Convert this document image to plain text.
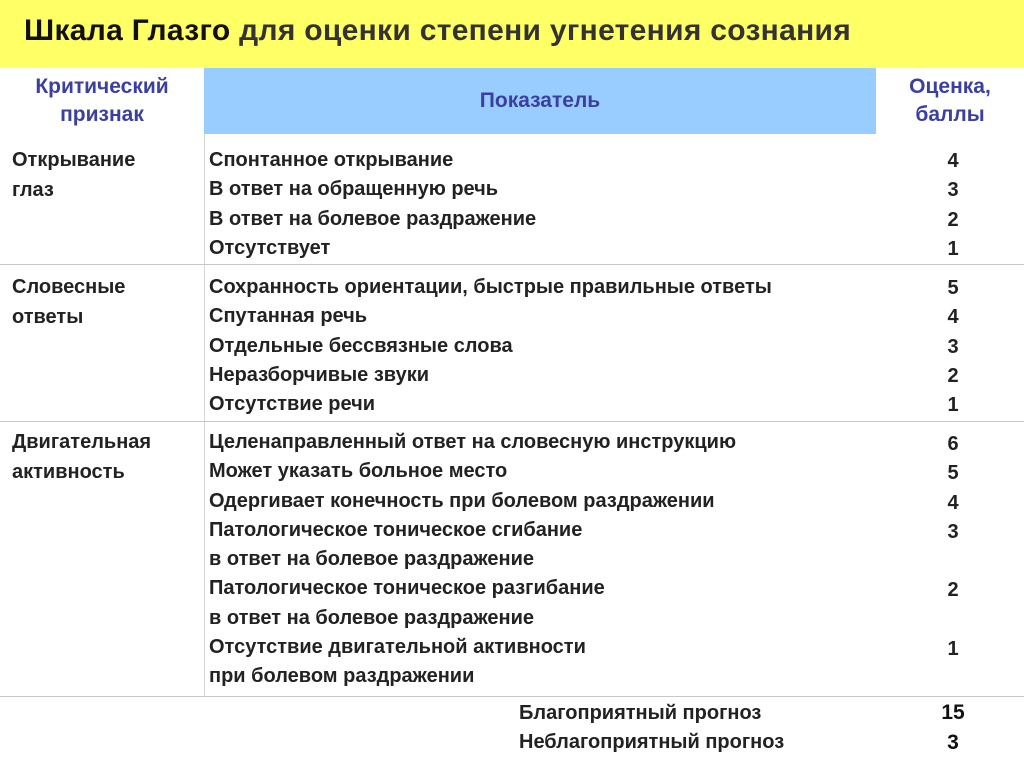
Шкала Глазго для оценки степени угнетения сознания
Критический
признак
Показатель
Оценка,
баллы
Открывание
глаз
Спонтанное открывание
В ответ на обращенную речь
В ответ на болевое раздражение
Отсутствует
4
3
2
1
Словесные
ответы
Сохранность ориентации, быстрые правильные ответы
Спутанная речь
Отдельные бессвязные слова
Неразборчивые звуки
Отсутствие речи
5
4
3
2
1
Двигательная
активность
Целенаправленный ответ на словесную инструкцию
Может указать больное место
Одергивает конечность при болевом раздражении
Патологическое тоническое сгибание
в ответ на болевое раздражение
Патологическое тоническое разгибание
в ответ на болевое раздражение
Отсутствие двигательной активности
при болевом раздражении
6
5
4
3
2
1
Благоприятный прогноз	15
Неблагоприятный прогноз	3
